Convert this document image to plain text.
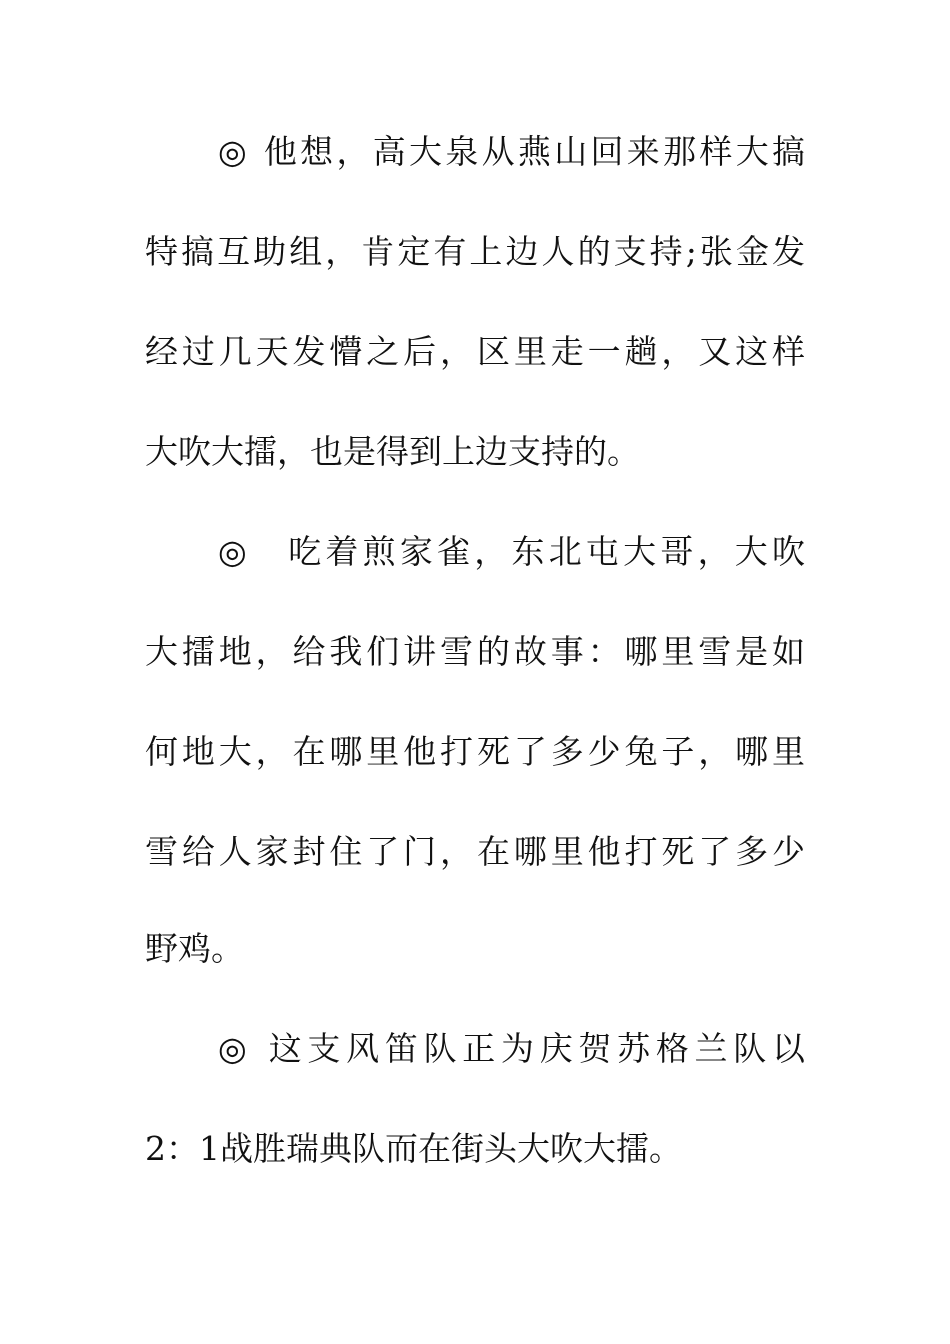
◎ 他想，高大泉从燕山回来那样大搞
特搞互助组，肯定有上边人的支持;张金发
经过几天发懵之后，区里走一趟，又这样
大吹大擂，也是得到上边支持的。
◎　吃着煎家雀，东北屯大哥，大吹
大擂地，给我们讲雪的故事：哪里雪是如
何地大，在哪里他打死了多少兔子，哪里
雪给人家封住了门，在哪里他打死了多少
野鸡。
◎ 这支风笛队正为庆贺苏格兰队以
2：1战胜瑞典队而在街头大吹大擂。
